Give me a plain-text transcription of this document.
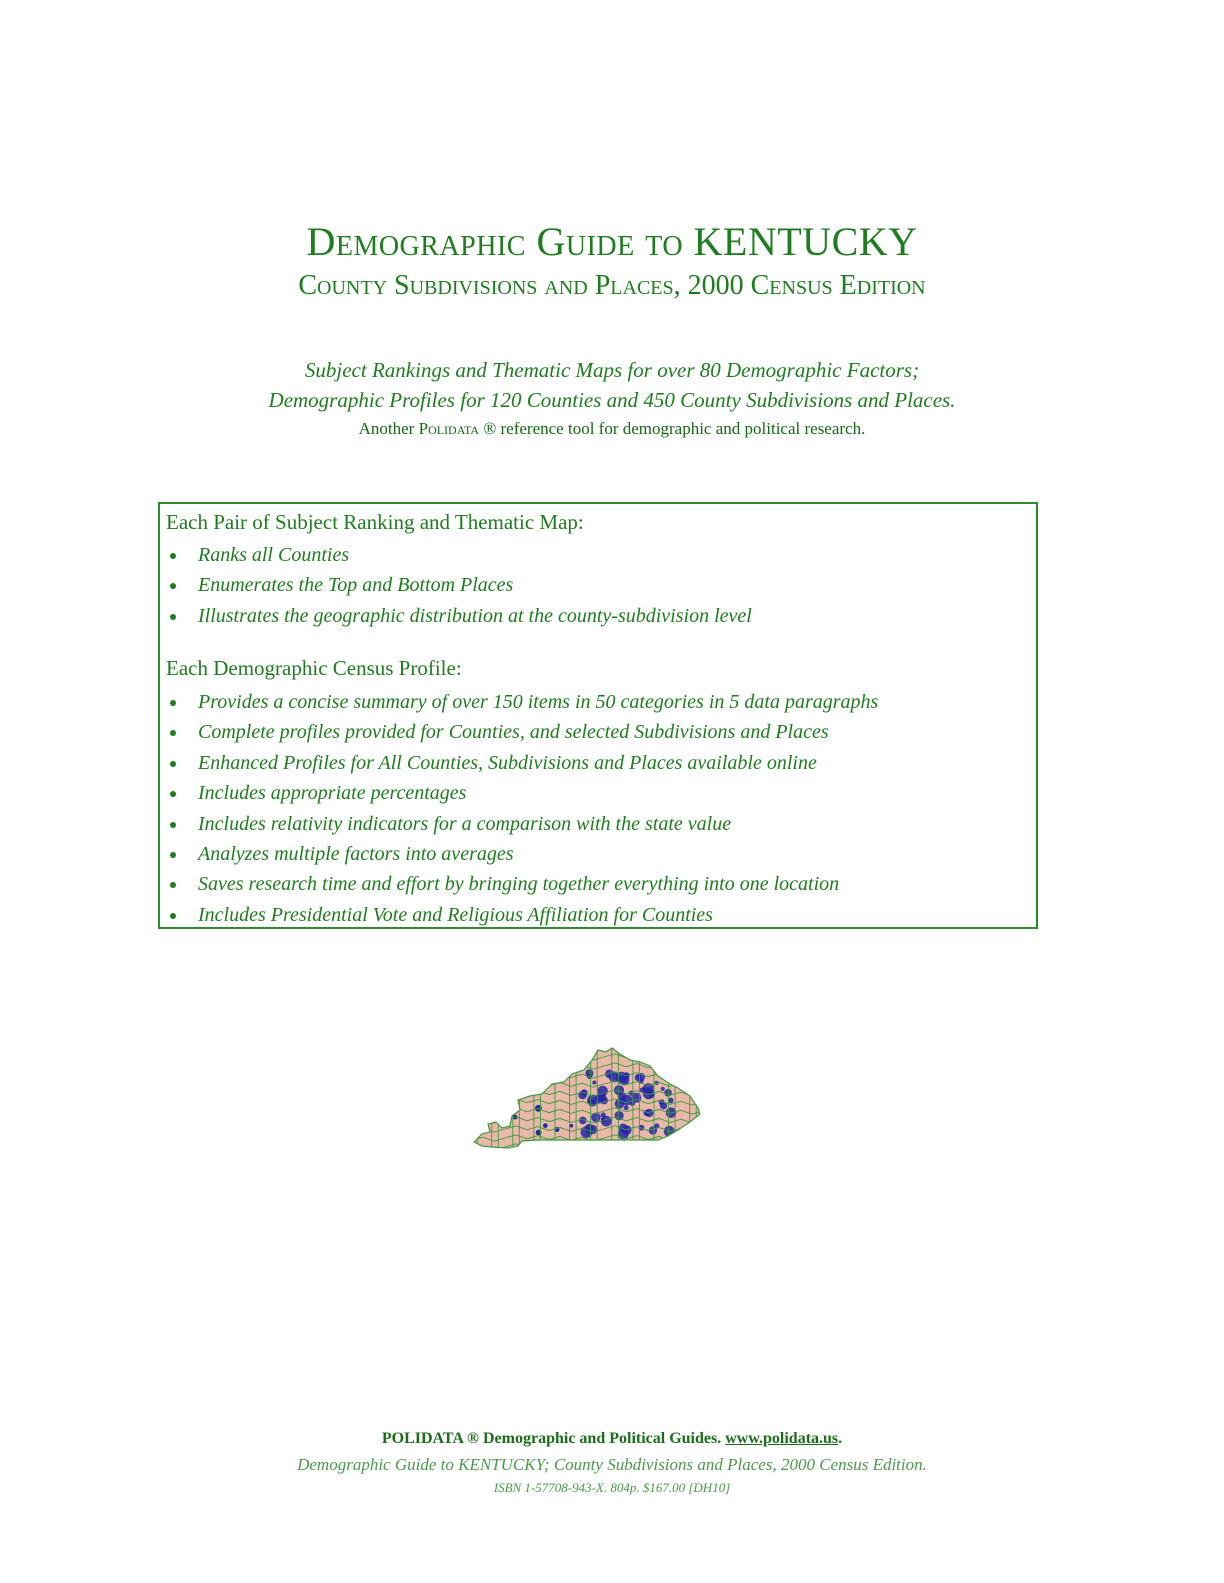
Demographic Guide to KENTUCKY
County Subdivisions and Places, 2000 Census Edition
Subject Rankings and Thematic Maps for over 80 Demographic Factors;
Demographic Profiles for 120 Counties and 450 County Subdivisions and Places.
Another Polidata ® reference tool for demographic and political research.
Each Pair of Subject Ranking and Thematic Map:
Ranks all Counties
Enumerates the Top and Bottom Places
Illustrates the geographic distribution at the county-subdivision level
Each Demographic Census Profile:
Provides a concise summary of over 150 items in 50 categories in 5 data paragraphs
Complete profiles provided for Counties, and selected Subdivisions and Places
Enhanced Profiles for All Counties, Subdivisions and Places available online
Includes appropriate percentages
Includes relativity indicators for a comparison with the state value
Analyzes multiple factors into averages
Saves research time and effort by bringing together everything into one location
Includes Presidential Vote and Religious Affiliation for Counties
POLIDATA ® Demographic and Political Guides. www.polidata.us.
Demographic Guide to KENTUCKY; County Subdivisions and Places, 2000 Census Edition.
ISBN 1-57708-943-X. 804p. $167.00 [DH10]
